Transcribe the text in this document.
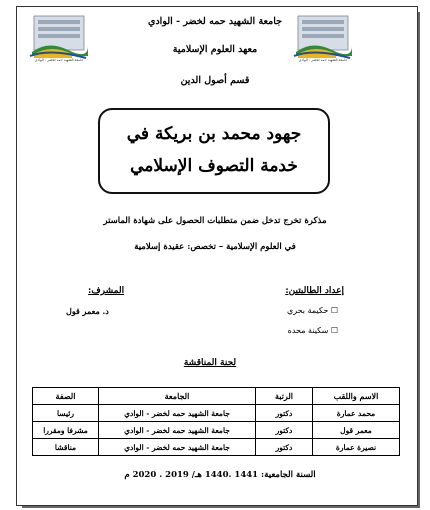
جامعة الشهيد حمه لخضر - الوادي
جامعة الشهيد حمه لخضر - الوادي
جامعة الشهيد حمه لخضر - الوادي
معهد العلوم الإسلامية
قسم أصول الدين
جهود محمد بن بريكة في
خدمة التصوف الإسلامي
مذكرة تخرج تدخل ضمن متطلبات الحصول على شهادة الماستر
في العلوم الإسلامية – تخصص: عقيدة إسلامية
إعداد الطالبتين:
☐ حكيمة بحري
☐ سكينة محده
المشرف:
د. معمر قول
لجنة المناقشة
الاسم واللقب	الرتبة	الجامعة	الصفة
محمد عمارة	دكتور	جامعة الشهيد حمه لخضر - الوادي	رئيسا
معمر قول	دكتور	جامعة الشهيد حمه لخضر - الوادي	مشرفا ومقررا
نصيرة عمارة	دكتور	جامعة الشهيد حمه لخضر - الوادي	مناقشا
السنة الجامعية: 1441 .1440 هـ/ 2019 . 2020 م
